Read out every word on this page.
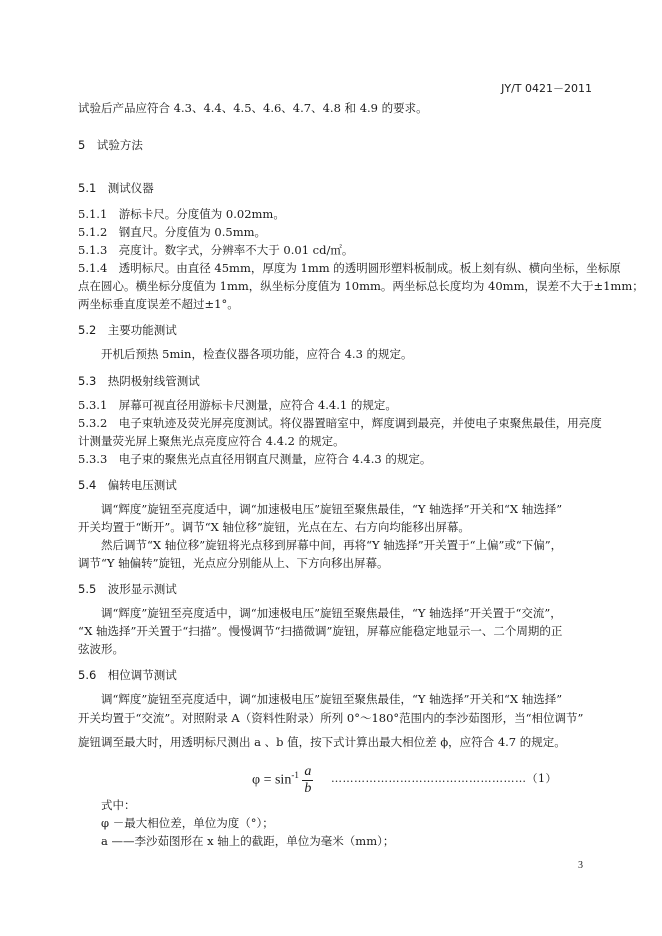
JY/T 0421－2011
试验后产品应符合 4.3、4.4、4.5、4.6、4.7、4.8 和 4.9 的要求。
5　试验方法
5.1　测试仪器
5.1.1　游标卡尺。分度值为 0.02mm。
5.1.2　钢直尺。分度值为 0.5mm。
5.1.3　亮度计。数字式，分辨率不大于 0.01 cd/㎡。
5.1.4　透明标尺。由直径 45mm，厚度为 1mm 的透明圆形塑料板制成。板上刻有纵、横向坐标，坐标原
点在圆心。横坐标分度值为 1mm，纵坐标分度值为 10mm。两坐标总长度均为 40mm，误差不大于±1mm；
两坐标垂直度误差不超过±1°。
5.2　主要功能测试
开机后预热 5min，检查仪器各项功能，应符合 4.3 的规定。
5.3　热阴极射线管测试
5.3.1　屏幕可视直径用游标卡尺测量，应符合 4.4.1 的规定。
5.3.2　电子束轨迹及荧光屏亮度测试。将仪器置暗室中，辉度调到最亮，并使电子束聚焦最佳，用亮度
计测量荧光屏上聚焦光点亮度应符合 4.4.2 的规定。
5.3.3　电子束的聚焦光点直径用钢直尺测量，应符合 4.4.3 的规定。
5.4　偏转电压测试
调“辉度”旋钮至亮度适中，调“加速极电压”旋钮至聚焦最佳，“Y 轴选择”开关和“X 轴选择”
开关均置于“断开”。调节“X 轴位移”旋钮，光点在左、右方向均能移出屏幕。
然后调节“X 轴位移”旋钮将光点移到屏幕中间，再将“Y 轴选择”开关置于“上偏”或“下偏”，
调节“Y 轴偏转”旋钮，光点应分别能从上、下方向移出屏幕。
5.5　波形显示测试
调“辉度”旋钮至亮度适中，调“加速极电压”旋钮至聚焦最佳，“Y 轴选择”开关置于“交流”，
“X 轴选择”开关置于“扫描”。慢慢调节“扫描微调”旋钮，屏幕应能稳定地显示一、二个周期的正
弦波形。
5.6　相位调节测试
调“辉度”旋钮至亮度适中，调“加速极电压”旋钮至聚焦最佳，“Y 轴选择”开关和“X 轴选择”
开关均置于“交流”。对照附录 A（资料性附录）所列 0°～180°范围内的李沙茹图形，当“相位调节”
旋钮调至最大时，用透明标尺测出 a 、b 值，按下式计算出最大相位差 ϕ，应符合 4.7 的规定。
$\varphi = \sin^{-1} \frac{a}{b}$ ……………………………………………（1）
式中：
φ －最大相位差，单位为度（°）；
a ——李沙茹图形在 x 轴上的截距，单位为毫米（mm）；
3
